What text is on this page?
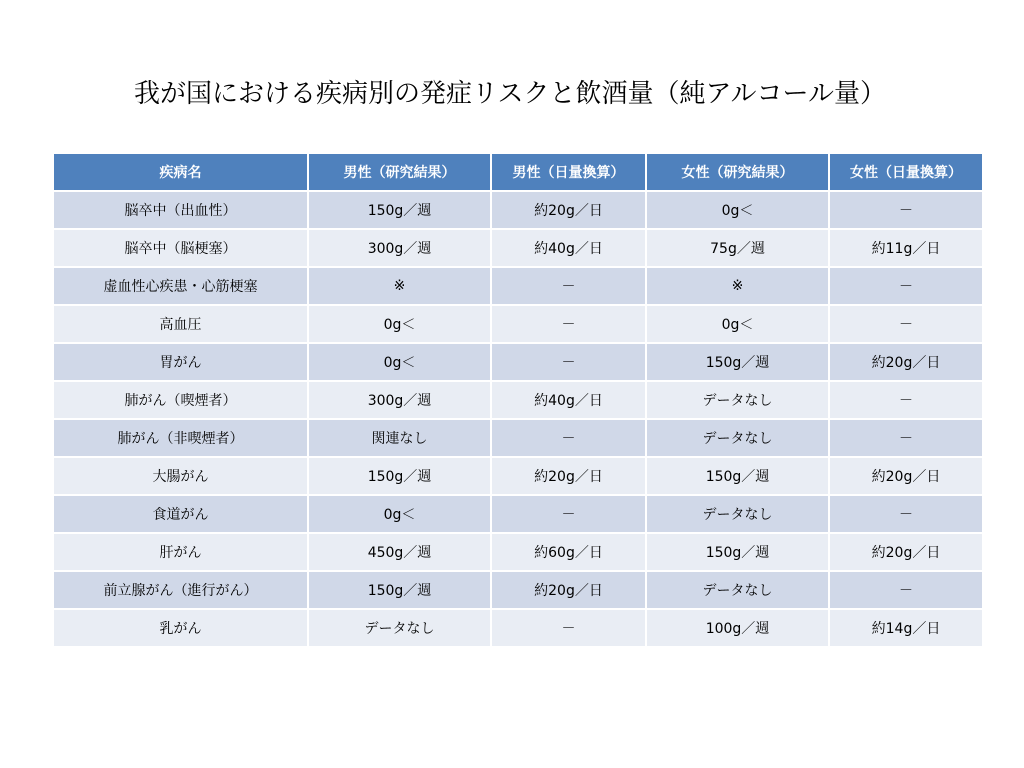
我が国における疾病別の発症リスクと飲酒量（純アルコール量）
疾病名	男性（研究結果）	男性（日量換算）	女性（研究結果）	女性（日量換算）
脳卒中（出血性）	150g／週	約20g／日	0g＜	－
脳卒中（脳梗塞）	300g／週	約40g／日	75g／週	約11g／日
虚血性心疾患・心筋梗塞	※	－	※	－
高血圧	0g＜	－	0g＜	－
胃がん	0g＜	－	150g／週	約20g／日
肺がん（喫煙者）	300g／週	約40g／日	データなし	－
肺がん（非喫煙者）	関連なし	－	データなし	－
大腸がん	150g／週	約20g／日	150g／週	約20g／日
食道がん	0g＜	－	データなし	－
肝がん	450g／週	約60g／日	150g／週	約20g／日
前立腺がん（進行がん）	150g／週	約20g／日	データなし	－
乳がん	データなし	－	100g／週	約14g／日
